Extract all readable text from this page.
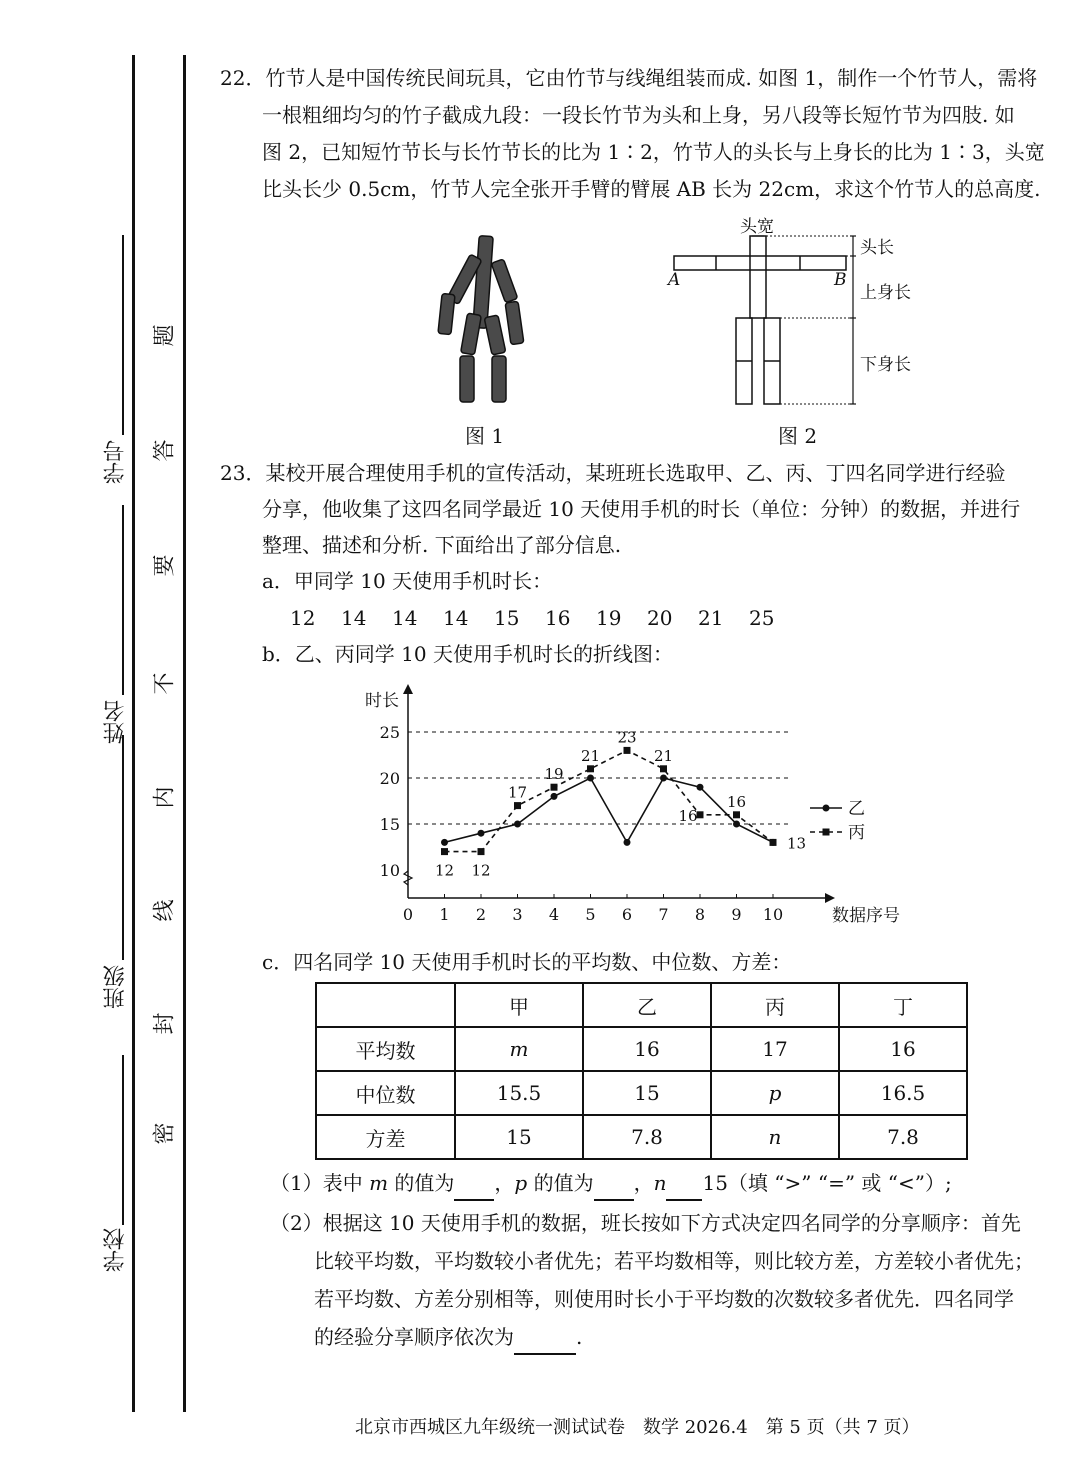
学校
班级
姓名
学号
密
封
线
内
不
要
答
题
22．竹节人是中国传统民间玩具，它由竹节与线绳组装而成. 如图 1，制作一个竹节人，需将
一根粗细均匀的竹子截成九段：一段长竹节为头和上身，另八段等长短竹节为四肢. 如
图 2，已知短竹节长与长竹节长的比为 1∶2，竹节人的头长与上身长的比为 1∶3，头宽
比头长少 0.5cm，竹节人完全张开手臂的臂展 AB 长为 22cm，求这个竹节人的总高度.
图 1
头宽
头长
上身长
下身长
A	B
图 2
23．某校开展合理使用手机的宣传活动，某班班长选取甲、乙、丙、丁四名同学进行经验
分享，他收集了这四名同学最近 10 天使用手机的时长（单位：分钟）的数据，并进行
整理、描述和分析. 下面给出了部分信息.
a．甲同学 10 天使用手机时长：
12 14 14 14 15 16 19 20 21 25
b．乙、丙同学 10 天使用手机时长的折线图：
10
15
20
25
0 1 2 3 4 5 6 7 8 9 10
时长
数据序号
12 12
17
19
21
23
21
16
16
13
乙
丙
c．四名同学 10 天使用手机时长的平均数、中位数、方差：
	甲	乙	丙	丁
平均数	m	16	17	16
中位数	15.5	15	p	16.5
方差	15	7.8	n	7.8
（1）表中 m 的值为 ，p 的值为 ，n 15（填 “>” “=” 或 “<”）;
（2）根据这 10 天使用手机的数据，班长按如下方式决定四名同学的分享顺序：首先
比较平均数，平均数较小者优先；若平均数相等，则比较方差，方差较小者优先；
若平均数、方差分别相等，则使用时长小于平均数的次数较多者优先．四名同学
的经验分享顺序依次为	.
北京市西城区九年级统一测试试卷　数学 2026.4　第 5 页（共 7 页）
